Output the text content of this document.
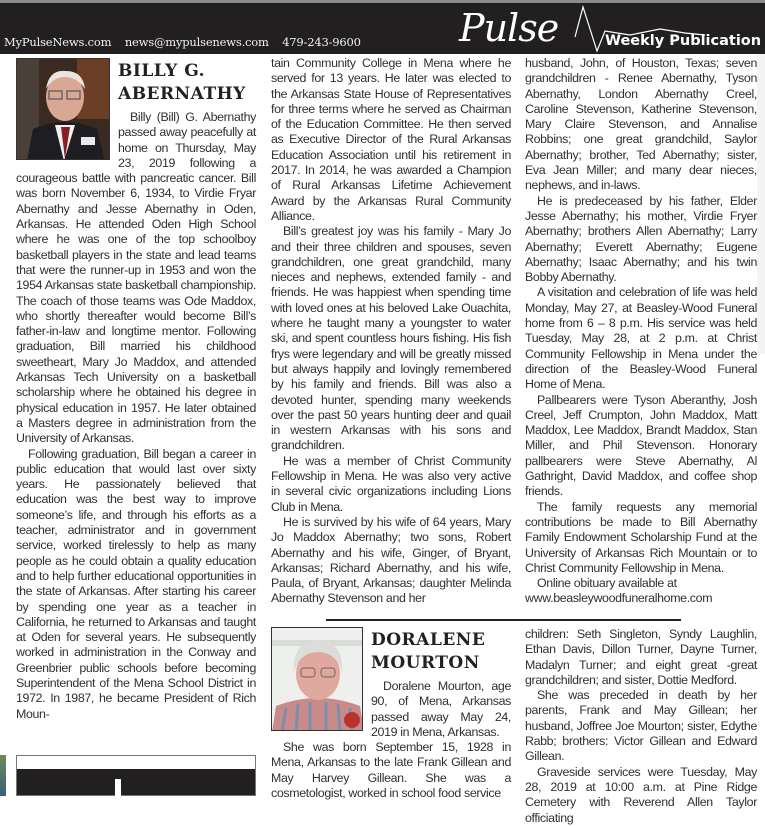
MyPulseNews.com news@mypulsenews.com 479-243-9600	Pulse	Weekly Publication
BILLY G.
ABERNATHY

Billy (Bill) G. Abernathy passed away peacefully at home on Thursday, May 23, 2019 following a courageous battle with pancreatic cancer. Bill was born November 6, 1934, to Virdie Fryar Abernathy and Jesse Abernathy in Oden, Arkansas. He attended Oden High School where he was one of the top schoolboy basketball players in the state and lead teams that were the runner-up in 1953 and won the 1954 Arkansas state basketball championship. The coach of those teams was Ode Maddox, who shortly thereafter would become Bill’s father-in-law and longtime mentor. Following graduation, Bill married his childhood sweetheart, Mary Jo Maddox, and attended Arkansas Tech University on a basketball scholarship where he obtained his degree in physical education in 1957. He later obtained a Masters degree in administration from the University of Arkansas.

Following graduation, Bill began a career in public education that would last over sixty years. He passionately believed that education was the best way to improve someone’s life, and through his efforts as a teacher, administrator and in government service, worked tirelessly to help as many people as he could obtain a quality education and to help further educational opportunities in the state of Arkansas. After starting his career by spending one year as a teacher in California, he returned to Arkansas and taught at Oden for several years. He subsequently worked in administration in the Conway and Greenbrier public schools before becoming Superintendent of the Mena School District in 1972. In 1987, he became President of Rich Moun-

tain Community College in Mena where he served for 13 years. He later was elected to the Arkansas State House of Representatives for three terms where he served as Chairman of the Education Committee. He then served as Executive Director of the Rural Arkansas Education Association until his retirement in 2017. In 2014, he was awarded a Champion of Rural Arkansas Lifetime Achievement Award by the Arkansas Rural Community Alliance.

Bill’s greatest joy was his family - Mary Jo and their three children and spouses, seven grandchildren, one great grandchild, many nieces and nephews, extended family - and friends. He was happiest when spending time with loved ones at his beloved Lake Ouachita, where he taught many a youngster to water ski, and spent countless hours fishing. His fish frys were legendary and will be greatly missed but always happily and lovingly remembered by his family and friends. Bill was also a devoted hunter, spending many weekends over the past 50 years hunting deer and quail in western Arkansas with his sons and grandchildren.

He was a member of Christ Community Fellowship in Mena. He was also very active in several civic organizations including Lions Club in Mena.

He is survived by his wife of 64 years, Mary Jo Maddox Abernathy; two sons, Robert Abernathy and his wife, Ginger, of Bryant, Arkansas; Richard Abernathy, and his wife, Paula, of Bryant, Arkansas; daughter Melinda Abernathy Stevenson and her

husband, John, of Houston, Texas; seven grandchildren - Renee Abernathy, Tyson Abernathy, London Abernathy Creel, Caroline Stevenson, Katherine Stevenson, Mary Claire Stevenson, and Annalise Robbins; one great grandchild, Saylor Abernathy; brother, Ted Abernathy; sister, Eva Jean Miller; and many dear nieces, nephews, and in-laws.

He is predeceased by his father, Elder Jesse Abernathy; his mother, Virdie Fryer Abernathy; brothers Allen Abernathy; Larry Abernathy; Everett Abernathy; Eugene Abernathy; Isaac Abernathy; and his twin Bobby Abernathy.

A visitation and celebration of life was held Monday, May 27, at Beasley-Wood Funeral home from 6 – 8 p.m. His service was held Tuesday, May 28, at 2 p.m. at Christ Community Fellowship in Mena under the direction of the Beasley-Wood Funeral Home of Mena.

Pallbearers were Tyson Aberanthy, Josh Creel, Jeff Crumpton, John Maddox, Matt Maddox, Lee Maddox, Brandt Maddox, Stan Miller, and Phil Stevenson. Honorary pallbearers were Steve Abernathy, Al Gathright, David Maddox, and coffee shop friends.

The family requests any memorial contributions be made to Bill Abernathy Family Endowment Scholarship Fund at the University of Arkansas Rich Mountain or to Christ Community Fellowship in Mena.

Online obituary available at

www.beasleywoodfuneralhome.com

DORALENE
MOURTON

Doralene Mourton, age 90, of Mena, Arkansas passed away May 24, 2019 in Mena, Arkansas.

She was born September 15, 1928 in Mena, Arkansas to the late Frank Gillean and May Harvey Gillean. She was a cosmetologist, worked in school food service

children: Seth Singleton, Syndy Laughlin, Ethan Davis, Dillon Turner, Dayne Turner, Madalyn Turner; and eight great -great grandchildren; and sister, Dottie Medford.

She was preceded in death by her parents, Frank and May Gillean; her husband, Joffree Joe Mourton; sister, Edythe Rabb; brothers: Victor Gillean and Edward Gillean.

Graveside services were Tuesday, May 28, 2019 at 10:00 a.m. at Pine Ridge Cemetery with Reverend Allen Taylor officiating
